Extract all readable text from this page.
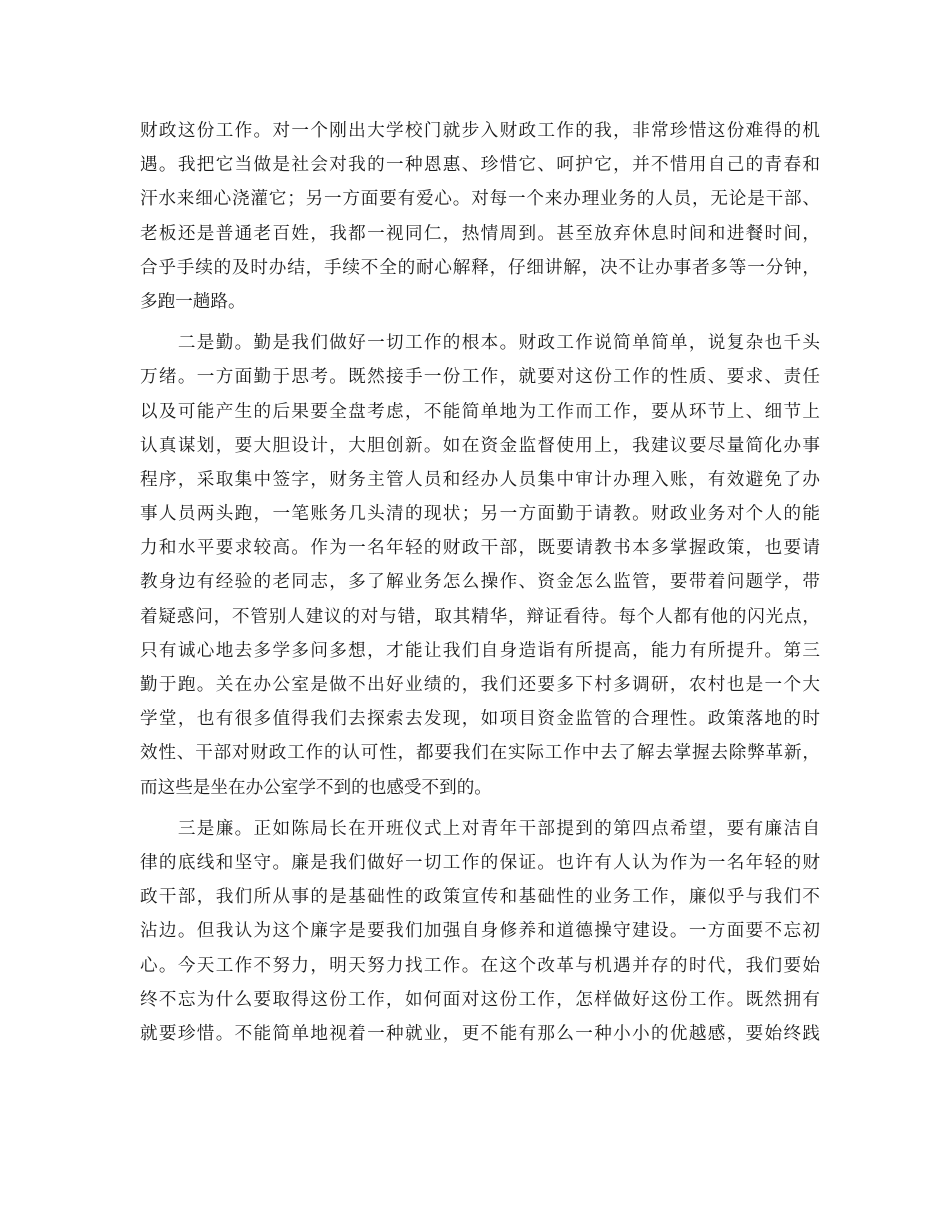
财政这份工作。对一个刚出大学校门就步入财政工作的我，非常珍惜这份难得的机
遇。我把它当做是社会对我的一种恩惠、珍惜它、呵护它，并不惜用自己的青春和
汗水来细心浇灌它；另一方面要有爱心。对每一个来办理业务的人员，无论是干部、
老板还是普通老百姓，我都一视同仁，热情周到。甚至放弃休息时间和进餐时间，
合乎手续的及时办结，手续不全的耐心解释，仔细讲解，决不让办事者多等一分钟，
多跑一趟路。
　　二是勤。勤是我们做好一切工作的根本。财政工作说简单简单，说复杂也千头
万绪。一方面勤于思考。既然接手一份工作，就要对这份工作的性质、要求、责任
以及可能产生的后果要全盘考虑，不能简单地为工作而工作，要从环节上、细节上
认真谋划，要大胆设计，大胆创新。如在资金监督使用上，我建议要尽量简化办事
程序，采取集中签字，财务主管人员和经办人员集中审计办理入账，有效避免了办
事人员两头跑，一笔账务几头清的现状；另一方面勤于请教。财政业务对个人的能
力和水平要求较高。作为一名年轻的财政干部，既要请教书本多掌握政策，也要请
教身边有经验的老同志，多了解业务怎么操作、资金怎么监管，要带着问题学，带
着疑惑问，不管别人建议的对与错，取其精华，辩证看待。每个人都有他的闪光点，
只有诚心地去多学多问多想，才能让我们自身造诣有所提高，能力有所提升。第三
勤于跑。关在办公室是做不出好业绩的，我们还要多下村多调研，农村也是一个大
学堂，也有很多值得我们去探索去发现，如项目资金监管的合理性。政策落地的时
效性、干部对财政工作的认可性，都要我们在实际工作中去了解去掌握去除弊革新，
而这些是坐在办公室学不到的也感受不到的。
　　三是廉。正如陈局长在开班仪式上对青年干部提到的第四点希望，要有廉洁自
律的底线和坚守。廉是我们做好一切工作的保证。也许有人认为作为一名年轻的财
政干部，我们所从事的是基础性的政策宣传和基础性的业务工作，廉似乎与我们不
沾边。但我认为这个廉字是要我们加强自身修养和道德操守建设。一方面要不忘初
心。今天工作不努力，明天努力找工作。在这个改革与机遇并存的时代，我们要始
终不忘为什么要取得这份工作，如何面对这份工作，怎样做好这份工作。既然拥有
就要珍惜。不能简单地视着一种就业，更不能有那么一种小小的优越感，要始终践
